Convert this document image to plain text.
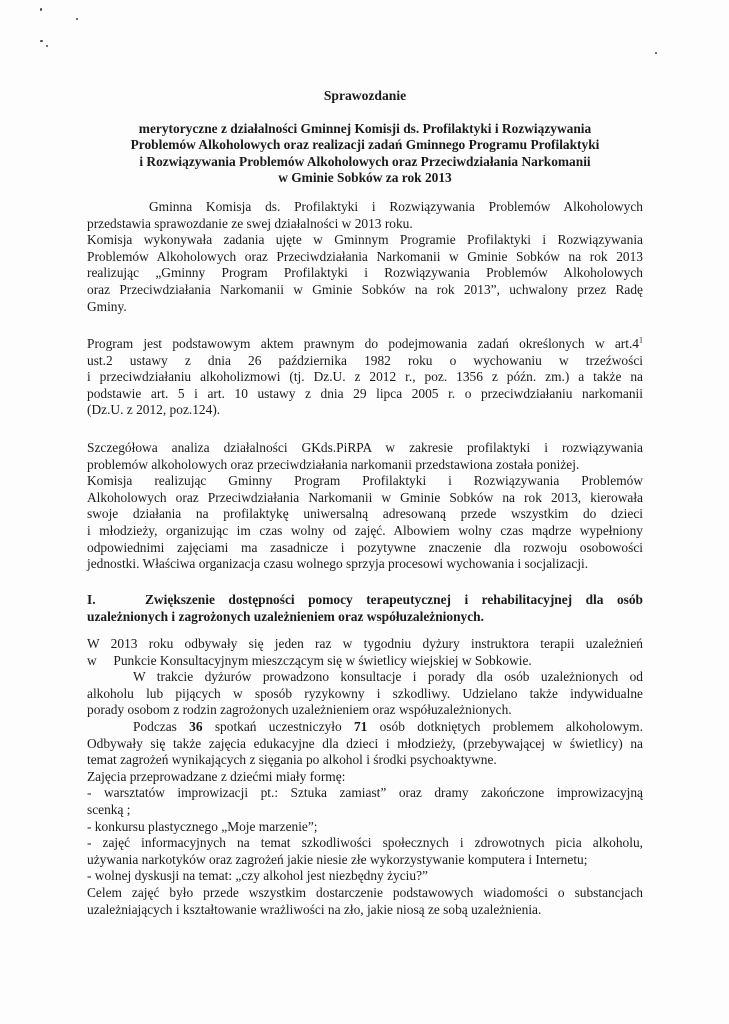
Sprawozdanie
merytoryczne z działalności Gminnej Komisji ds. Profilaktyki i Rozwiązywania
Problemów Alkoholowych oraz realizacji zadań Gminnego Programu Profilaktyki
i Rozwiązywania Problemów Alkoholowych oraz Przeciwdziałania Narkomanii
w Gminie Sobków za rok 2013
Gminna Komisja ds. Profilaktyki i Rozwiązywania Problemów Alkoholowych
przedstawia sprawozdanie ze swej działalności w 2013 roku.
Komisja wykonywała zadania ujęte w Gminnym Programie Profilaktyki i Rozwiązywania
Problemów Alkoholowych oraz Przeciwdziałania Narkomanii w Gminie Sobków na rok 2013
realizując „Gminny Program Profilaktyki i Rozwiązywania Problemów Alkoholowych
oraz Przeciwdziałania Narkomanii w Gminie Sobków na rok 2013”, uchwalony przez Radę
Gminy.
Program jest podstawowym aktem prawnym do podejmowania zadań określonych w $art.4^1$
ust.2 ustawy z dnia 26 października 1982 roku o wychowaniu w trzeźwości
i przeciwdziałaniu alkoholizmowi (tj. Dz.U. z 2012 r., poz. 1356 z późn. zm.) a także na
podstawie art. 5 i art. 10 ustawy z dnia 29 lipca 2005 r. o przeciwdziałaniu narkomanii
(Dz.U. z 2012, poz.124).
Szczegółowa analiza działalności GKds.PiRPA w zakresie profilaktyki i rozwiązywania
problemów alkoholowych oraz przeciwdziałania narkomanii przedstawiona została poniżej.
Komisja realizując Gminny Program Profilaktyki i Rozwiązywania Problemów
Alkoholowych oraz Przeciwdziałania Narkomanii w Gminie Sobków na rok 2013, kierowała
swoje działania na profilaktykę uniwersalną adresowaną przede wszystkim do dzieci
i młodzieży, organizując im czas wolny od zajęć. Albowiem wolny czas mądrze wypełniony
odpowiednimi zajęciami ma zasadnicze i pozytywne znaczenie dla rozwoju osobowości
jednostki. Właściwa organizacja czasu wolnego sprzyja procesowi wychowania i socjalizacji.
I.	Zwiększenie dostępności pomocy terapeutycznej i rehabilitacyjnej dla osób
uzależnionych i zagrożonych uzależnieniem oraz współuzależnionych.
W 2013 roku odbywały się jeden raz w tygodniu dyżury instruktora terapii uzależnień
w     Punkcie Konsultacyjnym mieszczącym się w świetlicy wiejskiej w Sobkowie.
W trakcie dyżurów prowadzono konsultacje i porady dla osób uzależnionych od
alkoholu lub pijących w sposób ryzykowny i szkodliwy. Udzielano także indywidualne
porady osobom z rodzin zagrożonych uzależnieniem oraz współuzależnionych.
Podczas 36 spotkań uczestniczyło 71 osób dotkniętych problemem alkoholowym.
Odbywały się także zajęcia edukacyjne dla dzieci i młodzieży, (przebywającej w świetlicy) na
temat zagrożeń wynikających z sięgania po alkohol i środki psychoaktywne.
Zajęcia przeprowadzane z dziećmi miały formę:
- warsztatów improwizacji pt.: Sztuka zamiast” oraz dramy zakończone improwizacyjną
scenką ;
- konkursu plastycznego „Moje marzenie”;
- zajęć informacyjnych na temat szkodliwości społecznych i zdrowotnych picia alkoholu,
używania narkotyków oraz zagrożeń jakie niesie złe wykorzystywanie komputera i Internetu;
- wolnej dyskusji na temat: „czy alkohol jest niezbędny życiu?”
Celem zajęć było przede wszystkim dostarczenie podstawowych wiadomości o substancjach
uzależniających i kształtowanie wrażliwości na zło, jakie niosą ze sobą uzależnienia.
